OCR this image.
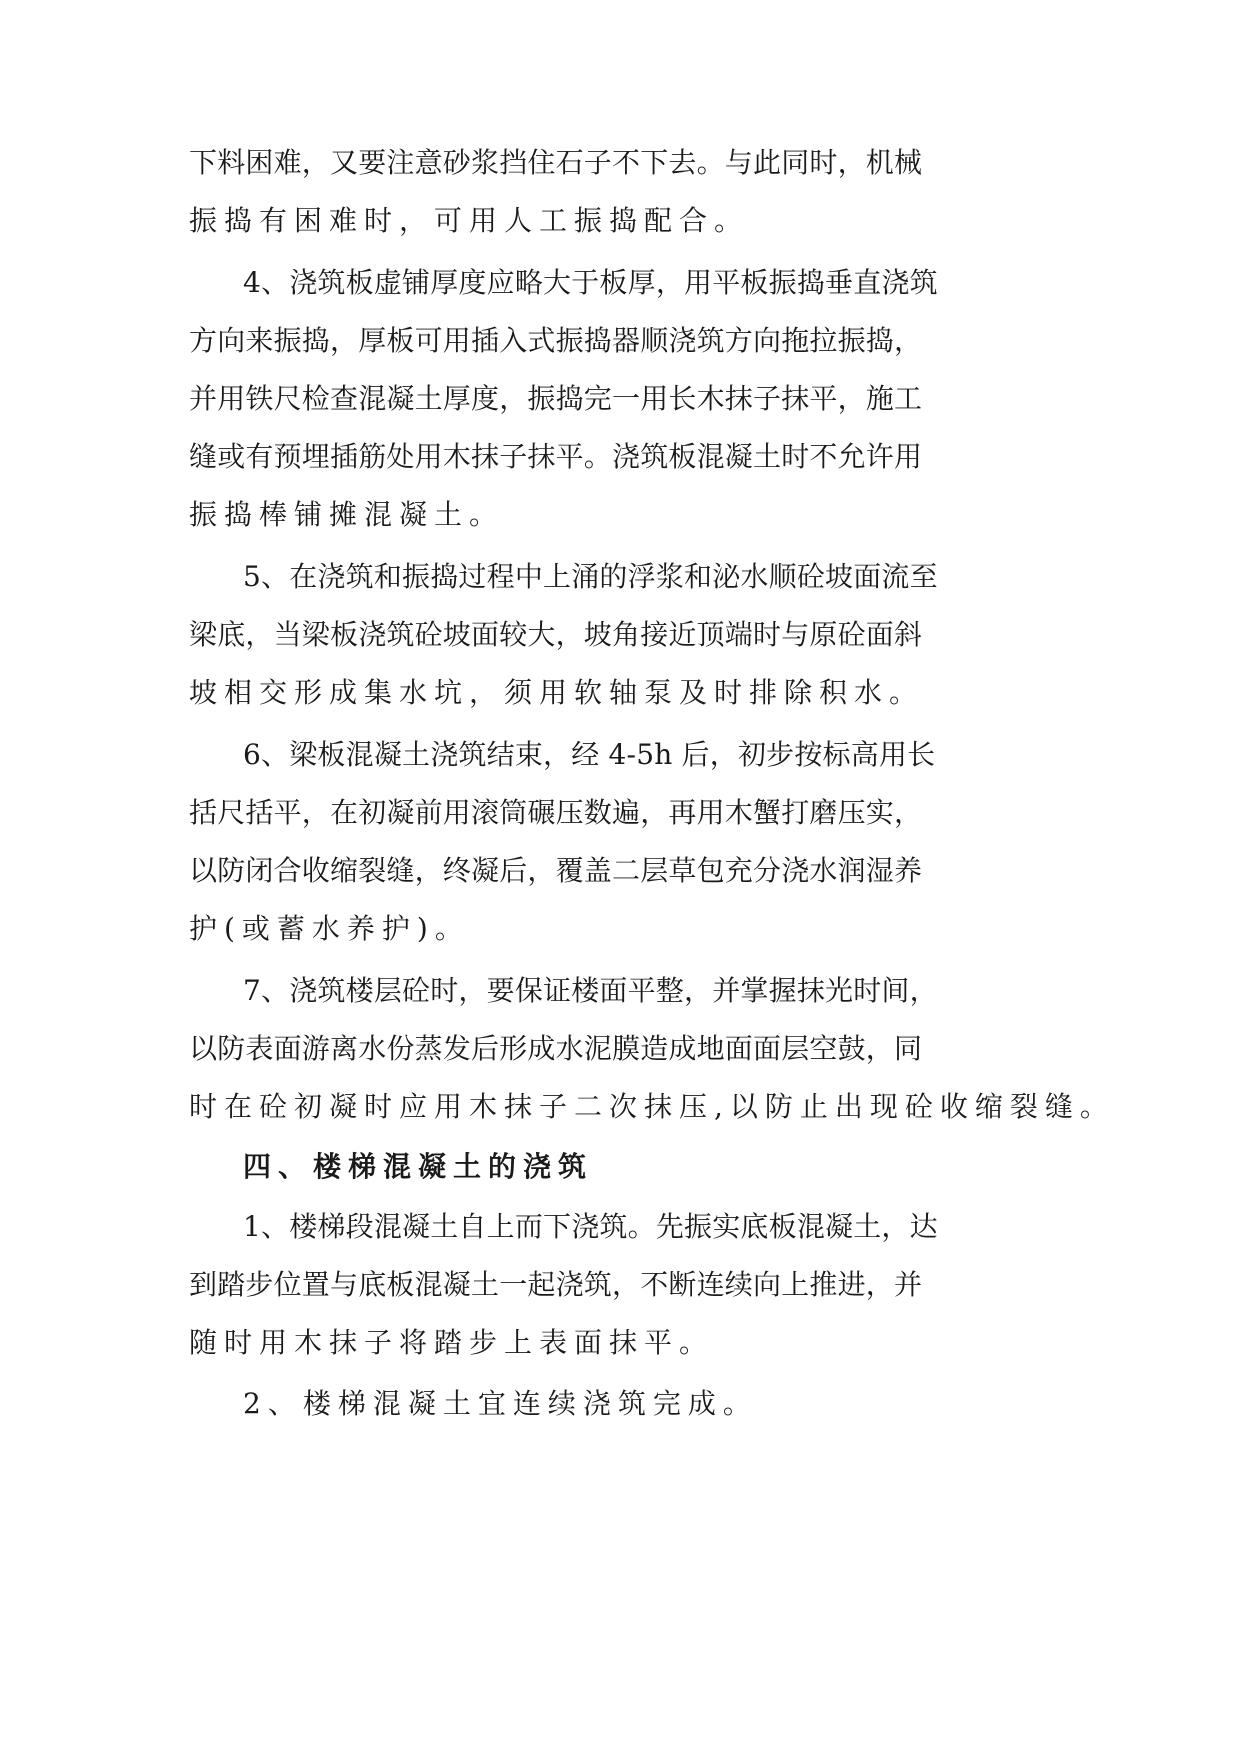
下料困难，又要注意砂浆挡住石子不下去。与此同时，机械
振捣有困难时，可用人工振捣配合。
4、浇筑板虚铺厚度应略大于板厚，用平板振捣垂直浇筑
方向来振捣，厚板可用插入式振捣器顺浇筑方向拖拉振捣，
并用铁尺检查混凝土厚度，振捣完一用长木抹子抹平，施工
缝或有预埋插筋处用木抹子抹平。浇筑板混凝土时不允许用
振捣棒铺摊混凝土。
5、在浇筑和振捣过程中上涌的浮浆和泌水顺砼坡面流至
梁底，当梁板浇筑砼坡面较大，坡角接近顶端时与原砼面斜
坡相交形成集水坑，须用软轴泵及时排除积水。
6、梁板混凝土浇筑结束，经 4-5h 后，初步按标高用长
括尺括平，在初凝前用滚筒碾压数遍，再用木蟹打磨压实，
以防闭合收缩裂缝，终凝后，覆盖二层草包充分浇水润湿养
护(或蓄水养护)。
7、浇筑楼层砼时，要保证楼面平整，并掌握抹光时间，
以防表面游离水份蒸发后形成水泥膜造成地面面层空鼓，同
时在砼初凝时应用木抹子二次抹压,以防止出现砼收缩裂缝。
四、楼梯混凝土的浇筑
1、楼梯段混凝土自上而下浇筑。先振实底板混凝土，达
到踏步位置与底板混凝土一起浇筑，不断连续向上推进，并
随时用木抹子将踏步上表面抹平。
2、楼梯混凝土宜连续浇筑完成。
